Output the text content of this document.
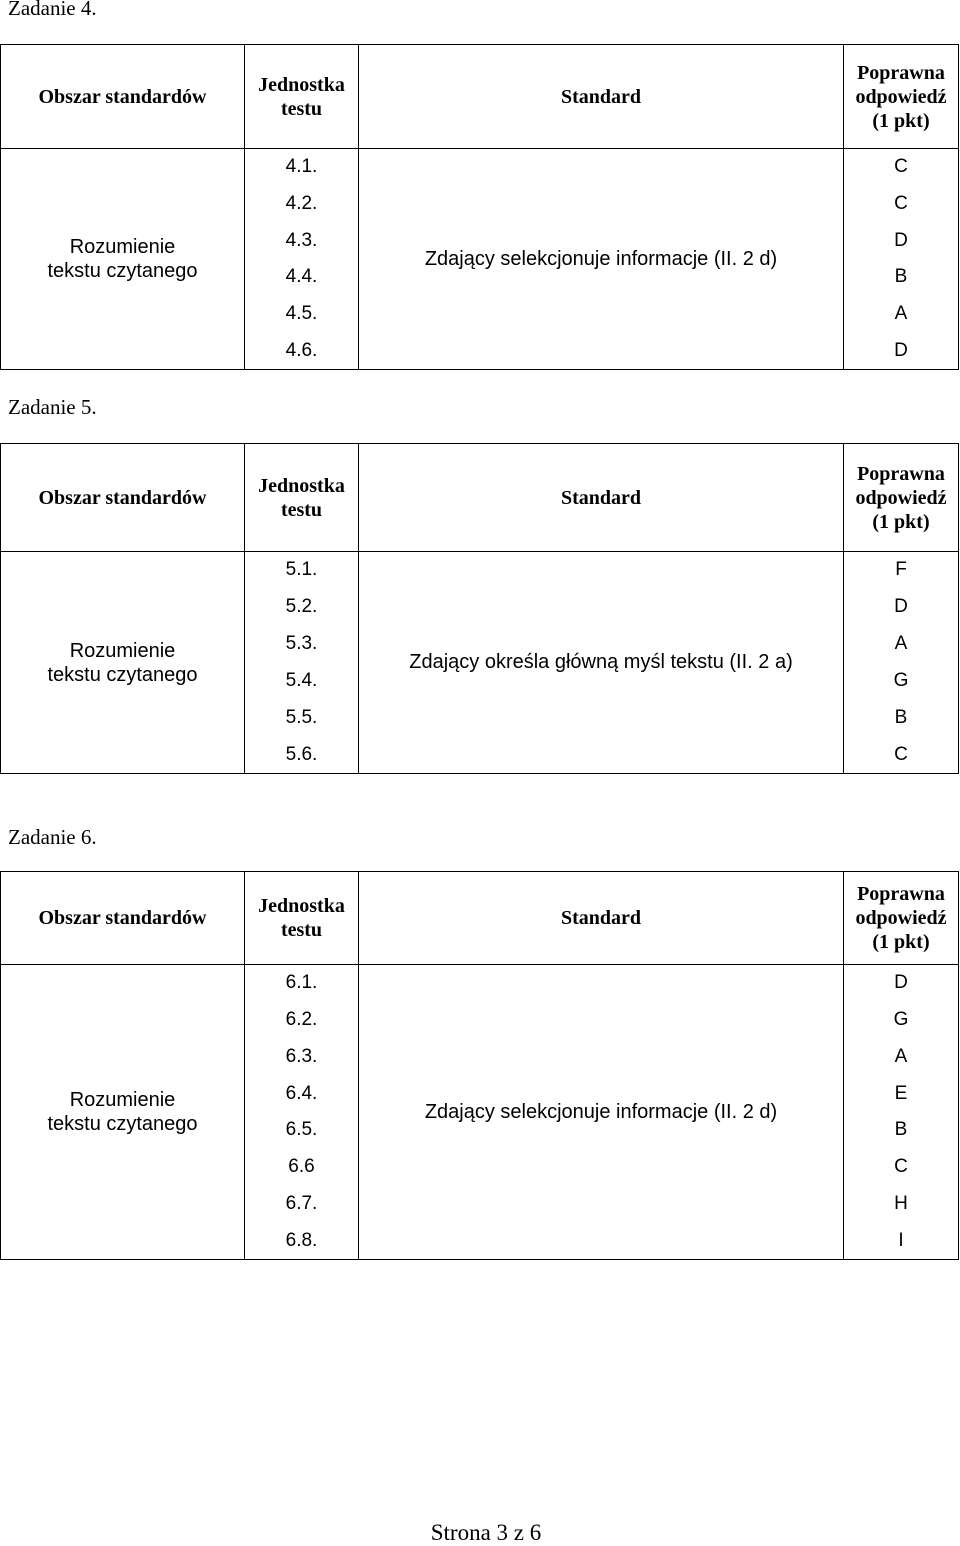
Zadanie 4.
Obszar standardów
Jednostka
testu
Standard
Poprawna
odpowiedź
(1 pkt)
Rozumienie
tekstu czytanego
4.1.
4.2.
4.3.
4.4.
4.5.
4.6.
Zdający selekcjonuje informacje (II. 2 d)
C
C
D
B
A
D
Zadanie 5.
Obszar standardów
Jednostka
testu
Standard
Poprawna
odpowiedź
(1 pkt)
Rozumienie
tekstu czytanego
5.1.
5.2.
5.3.
5.4.
5.5.
5.6.
Zdający określa główną myśl tekstu (II. 2 a)
F
D
A
G
B
C
Zadanie 6.
Obszar standardów
Jednostka
testu
Standard
Poprawna
odpowiedź
(1 pkt)
Rozumienie
tekstu czytanego
6.1.
6.2.
6.3.
6.4.
6.5.
6.6
6.7.
6.8.
Zdający selekcjonuje informacje (II. 2 d)
D
G
A
E
B
C
H
I
Strona 3 z 6
